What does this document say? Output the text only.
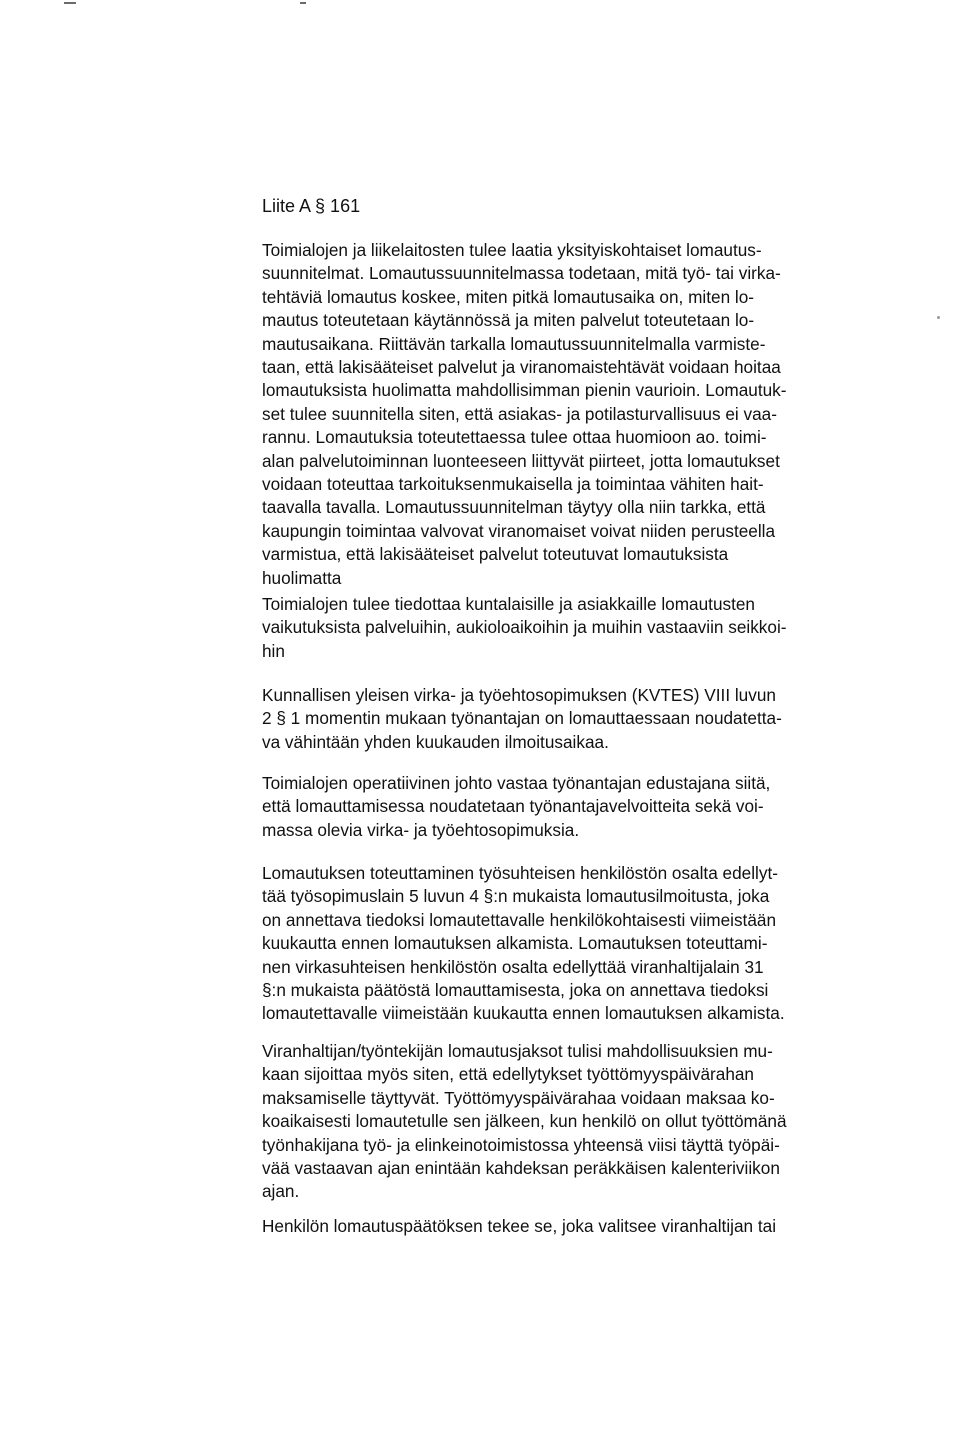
Liite A § 161
Toimialojen ja liikelaitosten tulee laatia yksityiskohtaiset lomautus-
suunnitelmat. Lomautussuunnitelmassa todetaan, mitä työ- tai virka-
tehtäviä lomautus koskee, miten pitkä lomautusaika on, miten lo-
mautus toteutetaan käytännössä ja miten palvelut toteutetaan lo-
mautusaikana. Riittävän tarkalla lomautussuunnitelmalla varmiste-
taan, että lakisääteiset palvelut ja viranomaistehtävät voidaan hoitaa
lomautuksista huolimatta mahdollisimman pienin vaurioin. Lomautuk-
set tulee suunnitella siten, että asiakas- ja potilasturvallisuus ei vaa-
rannu. Lomautuksia toteutettaessa tulee ottaa huomioon ao. toimi-
alan palvelutoiminnan luonteeseen liittyvät piirteet, jotta lomautukset
voidaan toteuttaa tarkoituksenmukaisella ja toimintaa vähiten hait-
taavalla tavalla. Lomautussuunnitelman täytyy olla niin tarkka, että
kaupungin toimintaa valvovat viranomaiset voivat niiden perusteella
varmistua, että lakisääteiset palvelut toteutuvat lomautuksista
huolimatta
Toimialojen tulee tiedottaa kuntalaisille ja asiakkaille lomautusten
vaikutuksista palveluihin, aukioloaikoihin ja muihin vastaaviin seikkoi-
hin
Kunnallisen yleisen virka- ja työehtosopimuksen (KVTES) VIII luvun
2 § 1 momentin mukaan työnantajan on lomauttaessaan noudatetta-
va vähintään yhden kuukauden ilmoitusaikaa.
Toimialojen operatiivinen johto vastaa työnantajan edustajana siitä,
että lomauttamisessa noudatetaan työnantajavelvoitteita sekä voi-
massa olevia virka- ja työehtosopimuksia.
Lomautuksen toteuttaminen työsuhteisen henkilöstön osalta edellyt-
tää työsopimuslain 5 luvun 4 §:n mukaista lomautusilmoitusta, joka
on annettava tiedoksi lomautettavalle henkilökohtaisesti viimeistään
kuukautta ennen lomautuksen alkamista. Lomautuksen toteuttami-
nen virkasuhteisen henkilöstön osalta edellyttää viranhaltijalain 31
§:n mukaista päätöstä lomauttamisesta, joka on annettava tiedoksi
lomautettavalle viimeistään kuukautta ennen lomautuksen alkamista.
Viranhaltijan/työntekijän lomautusjaksot tulisi mahdollisuuksien mu-
kaan sijoittaa myös siten, että edellytykset työttömyyspäivärahan
maksamiselle täyttyvät. Työttömyyspäivärahaa voidaan maksaa ko-
koaikaisesti lomautetulle sen jälkeen, kun henkilö on ollut työttömänä
työnhakijana työ- ja elinkeinotoimistossa yhteensä viisi täyttä työpäi-
vää vastaavan ajan enintään kahdeksan peräkkäisen kalenteriviikon
ajan.
Henkilön lomautuspäätöksen tekee se, joka valitsee viranhaltijan tai
